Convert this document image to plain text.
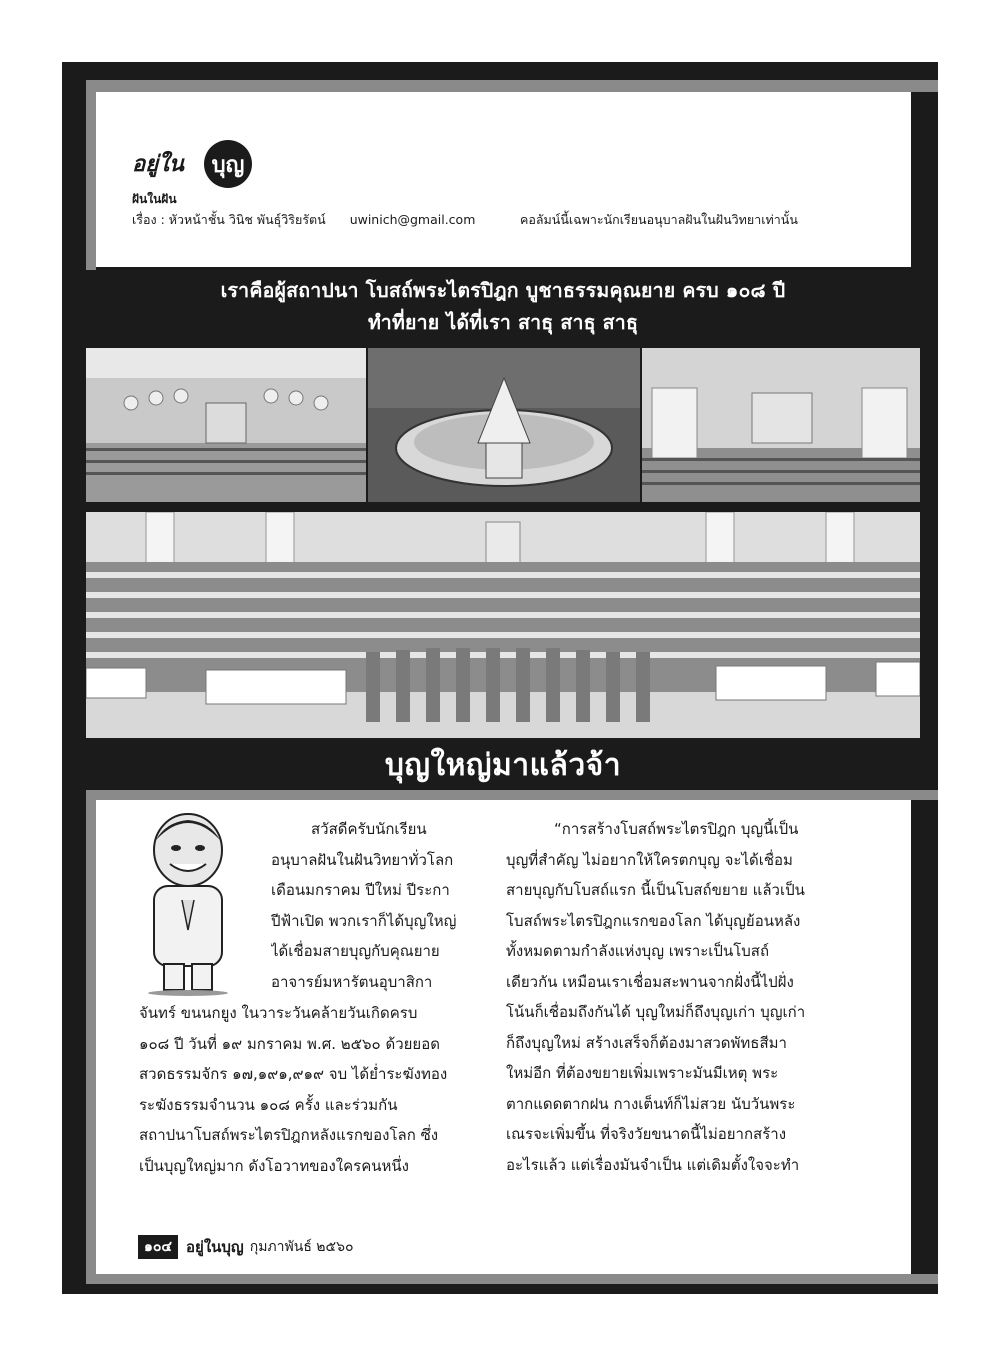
อยู่ใน	บุญ
ฝันในฝัน
เรื่อง : หัวหน้าชั้น วินิช พันธุ์วิริยรัตน์ uwinich@gmail.com	คอลัมน์นี้เฉพาะนักเรียนอนุบาลฝันในฝันวิทยาเท่านั้น
เราคือผู้สถาปนา โบสถ์พระไตรปิฎก บูชาธรรมคุณยาย ครบ ๑๐๘ ปี
ทำที่ยาย ได้ที่เรา สาธุ สาธุ สาธุ
บุญใหญ่มาแล้วจ้า
สวัสดีครับนักเรียน
อนุบาลฝันในฝันวิทยาทั่วโลก
เดือนมกราคม ปีใหม่ ปีระกา
ปีฟ้าเปิด พวกเราก็ได้บุญใหญ่
ได้เชื่อมสายบุญกับคุณยาย
อาจารย์มหารัตนอุบาสิกา
จันทร์ ขนนกยูง ในวาระวันคล้ายวันเกิดครบ
๑๐๘ ปี วันที่ ๑๙ มกราคม พ.ศ. ๒๕๖๐ ด้วยยอด
สวดธรรมจักร ๑๗,๑๙๑,๙๑๙ จบ ได้ย่ำระฆังทอง
ระฆังธรรมจำนวน ๑๐๘ ครั้ง และร่วมกัน
สถาปนาโบสถ์พระไตรปิฎกหลังแรกของโลก ซึ่ง
เป็นบุญใหญ่มาก ดังโอวาทของใครคนหนึ่ง
“การสร้างโบสถ์พระไตรปิฎก บุญนี้เป็น
บุญที่สำคัญ ไม่อยากให้ใครตกบุญ จะได้เชื่อม
สายบุญกับโบสถ์แรก นี้เป็นโบสถ์ขยาย แล้วเป็น
โบสถ์พระไตรปิฎกแรกของโลก ได้บุญย้อนหลัง
ทั้งหมดตามกำลังแห่งบุญ เพราะเป็นโบสถ์
เดียวกัน เหมือนเราเชื่อมสะพานจากฝั่งนี้ไปฝั่ง
โน้นก็เชื่อมถึงกันได้ บุญใหม่ก็ถึงบุญเก่า บุญเก่า
ก็ถึงบุญใหม่ สร้างเสร็จก็ต้องมาสวดพัทธสีมา
ใหม่อีก ที่ต้องขยายเพิ่มเพราะมันมีเหตุ พระ
ตากแดดตากฝน กางเต็นท์ก็ไม่สวย นับวันพระ
เณรจะเพิ่มขึ้น ที่จริงวัยขนาดนี้ไม่อยากสร้าง
อะไรแล้ว แต่เรื่องมันจำเป็น แต่เดิมตั้งใจจะทำ
๑๐๔ อยู่ในบุญ กุมภาพันธ์ ๒๕๖๐
